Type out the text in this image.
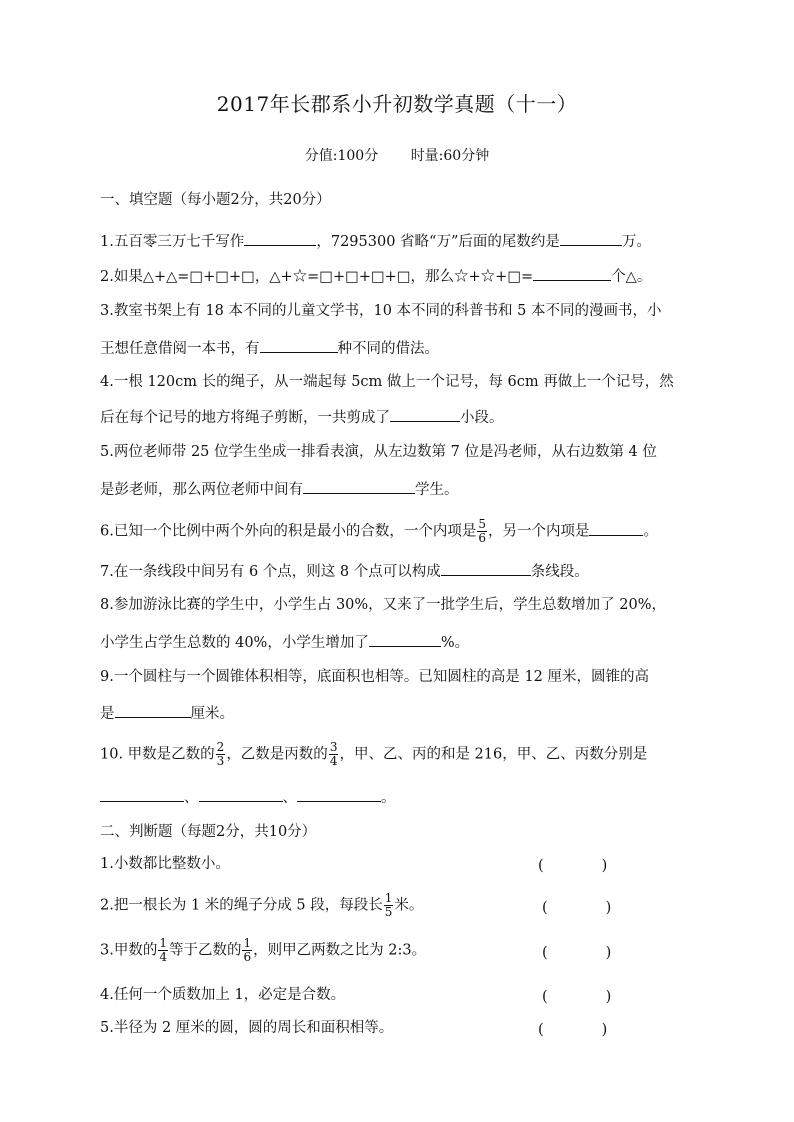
2017年长郡系小升初数学真题（十一）
分值:100分 时量:60分钟
一、填空题（每小题2分，共20分）
1.五百零三万七千写作	，7295300 省略“万”后面的尾数约是	万。
2.如果△+△=□+□+□，△+☆=□+□+□+□，那么☆+☆+□=	个△。
3.教室书架上有 18 本不同的儿童文学书，10 本不同的科普书和 5 本不同的漫画书，小
王想任意借阅一本书，有	种不同的借法。
4.一根 120cm 长的绳子，从一端起每 5cm 做上一个记号，每 6cm 再做上一个记号，然
后在每个记号的地方将绳子剪断，一共剪成了	小段。
5.两位老师带 25 位学生坐成一排看表演，从左边数第 7 位是冯老师，从右边数第 4 位
是彭老师，那么两位老师中间有	学生。
6.已知一个比例中两个外向的积是最小的合数，一个内项是 $\frac{5}{6}$ ，另一个内项是	。
7.在一条线段中间另有 6 个点，则这 8 个点可以构成	条线段。
8.参加游泳比赛的学生中，小学生占 30%，又来了一批学生后，学生总数增加了 20%，
小学生占学生总数的 40%，小学生增加了	%。
9.一个圆柱与一个圆锥体积相等，底面积也相等。已知圆柱的高是 12 厘米，圆锥的高
是	厘米。
10. 甲数是乙数的 $\frac{2}{3}$ ，乙数是丙数的 $\frac{3}{4}$ ，甲、乙、丙的和是 216，甲、乙、丙数分别是
、	、	。
二、判断题（每题2分，共10分）
1.小数都比整数小。	(　　　　)
2.把一根长为 1 米的绳子分成 5 段，每段长 $\frac{1}{5}$ 米。	(　　　　)
3.甲数的 $\frac{1}{4}$ 等于乙数的 $\frac{1}{6}$ ，则甲乙两数之比为 2:3。	(　　　　)
4.任何一个质数加上 1，必定是合数。	(　　　　)
5.半径为 2 厘米的圆，圆的周长和面积相等。	(　　　　)
